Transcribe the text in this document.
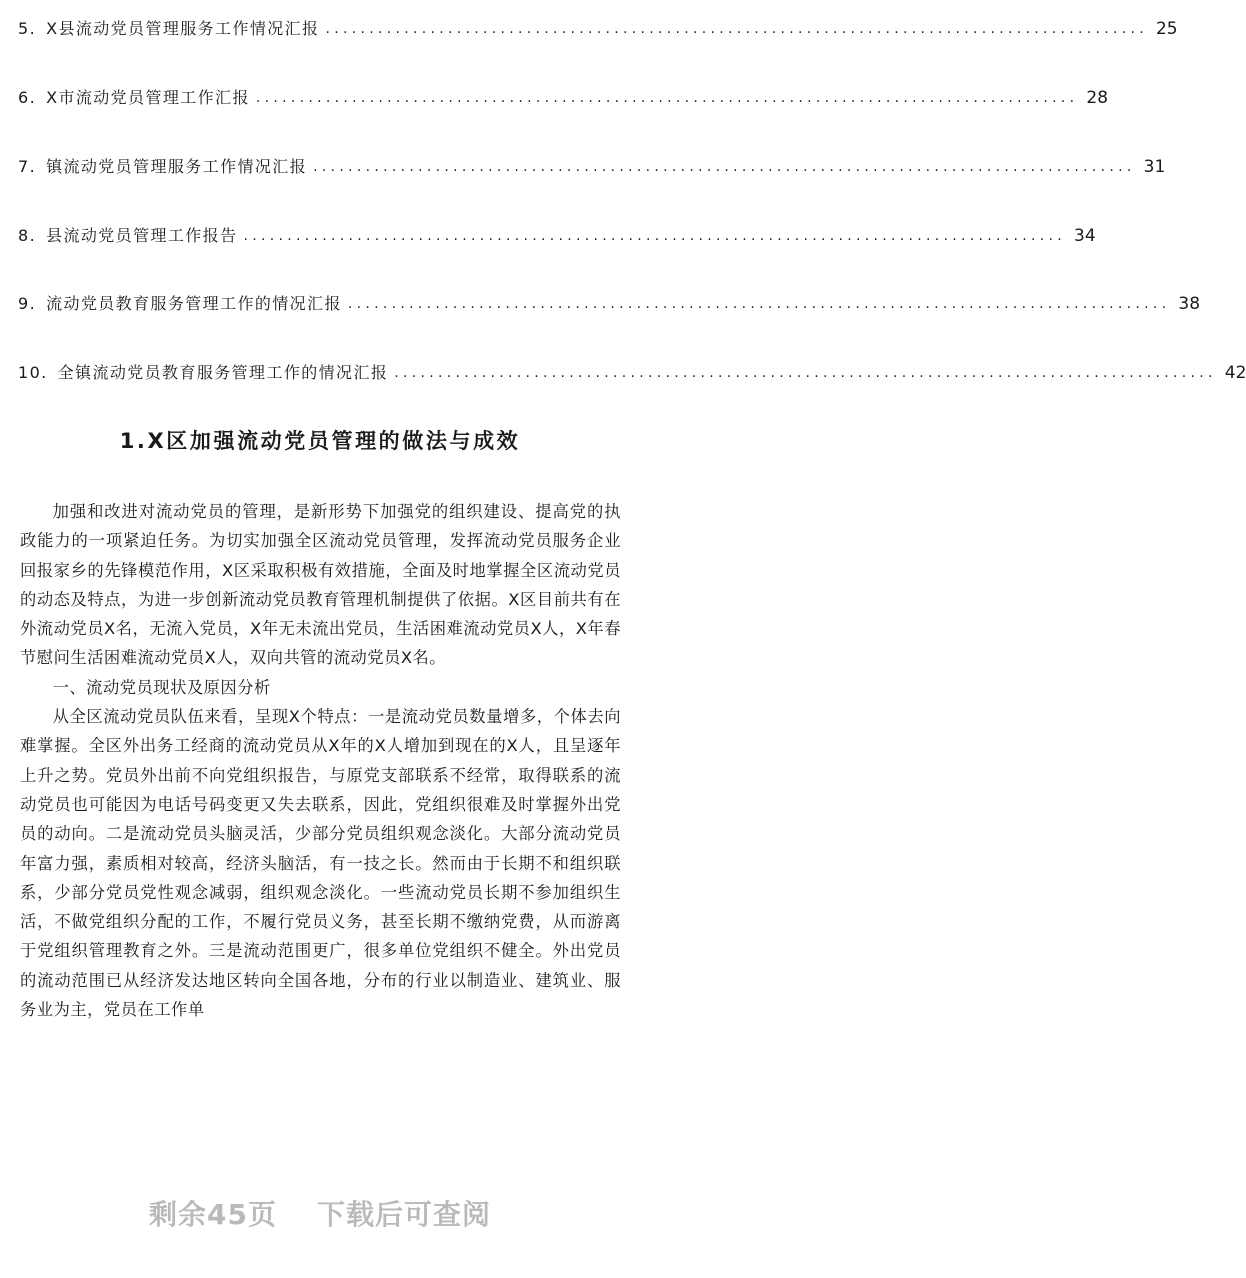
5. X县流动党员管理服务工作情况汇报 .............................................................................................. 25
6. X市流动党员管理工作汇报 .............................................................................................. 28
7. 镇流动党员管理服务工作情况汇报 .............................................................................................. 31
8. 县流动党员管理工作报告 .............................................................................................. 34
9. 流动党员教育服务管理工作的情况汇报 .............................................................................................. 38
10. 全镇流动党员教育服务管理工作的情况汇报 .............................................................................................. 42
1.X区加强流动党员管理的做法与成效

加强和改进对流动党员的管理，是新形势下加强党的组织建设、提高党的执政能力的一项紧迫任务。为切实加强全区流动党员管理，发挥流动党员服务企业回报家乡的先锋模范作用，X区采取积极有效措施，全面及时地掌握全区流动党员的动态及特点，为进一步创新流动党员教育管理机制提供了依据。X区目前共有在外流动党员X名，无流入党员，X年无未流出党员，生活困难流动党员X人，X年春节慰问生活困难流动党员X人，双向共管的流动党员X名。

一、流动党员现状及原因分析

从全区流动党员队伍来看，呈现X个特点：一是流动党员数量增多，个体去向难掌握。全区外出务工经商的流动党员从X年的X人增加到现在的X人，且呈逐年上升之势。党员外出前不向党组织报告，与原党支部联系不经常，取得联系的流动党员也可能因为电话号码变更又失去联系，因此，党组织很难及时掌握外出党员的动向。二是流动党员头脑灵活，少部分党员组织观念淡化。大部分流动党员年富力强，素质相对较高，经济头脑活，有一技之长。然而由于长期不和组织联系，少部分党员党性观念减弱，组织观念淡化。一些流动党员长期不参加组织生活，不做党组织分配的工作，不履行党员义务，甚至长期不缴纳党费，从而游离于党组织管理教育之外。三是流动范围更广，很多单位党组织不健全。外出党员的流动范围已从经济发达地区转向全国各地，分布的行业以制造业、建筑业、服务业为主，党员在工作单

剩余45页 下载后可查阅
